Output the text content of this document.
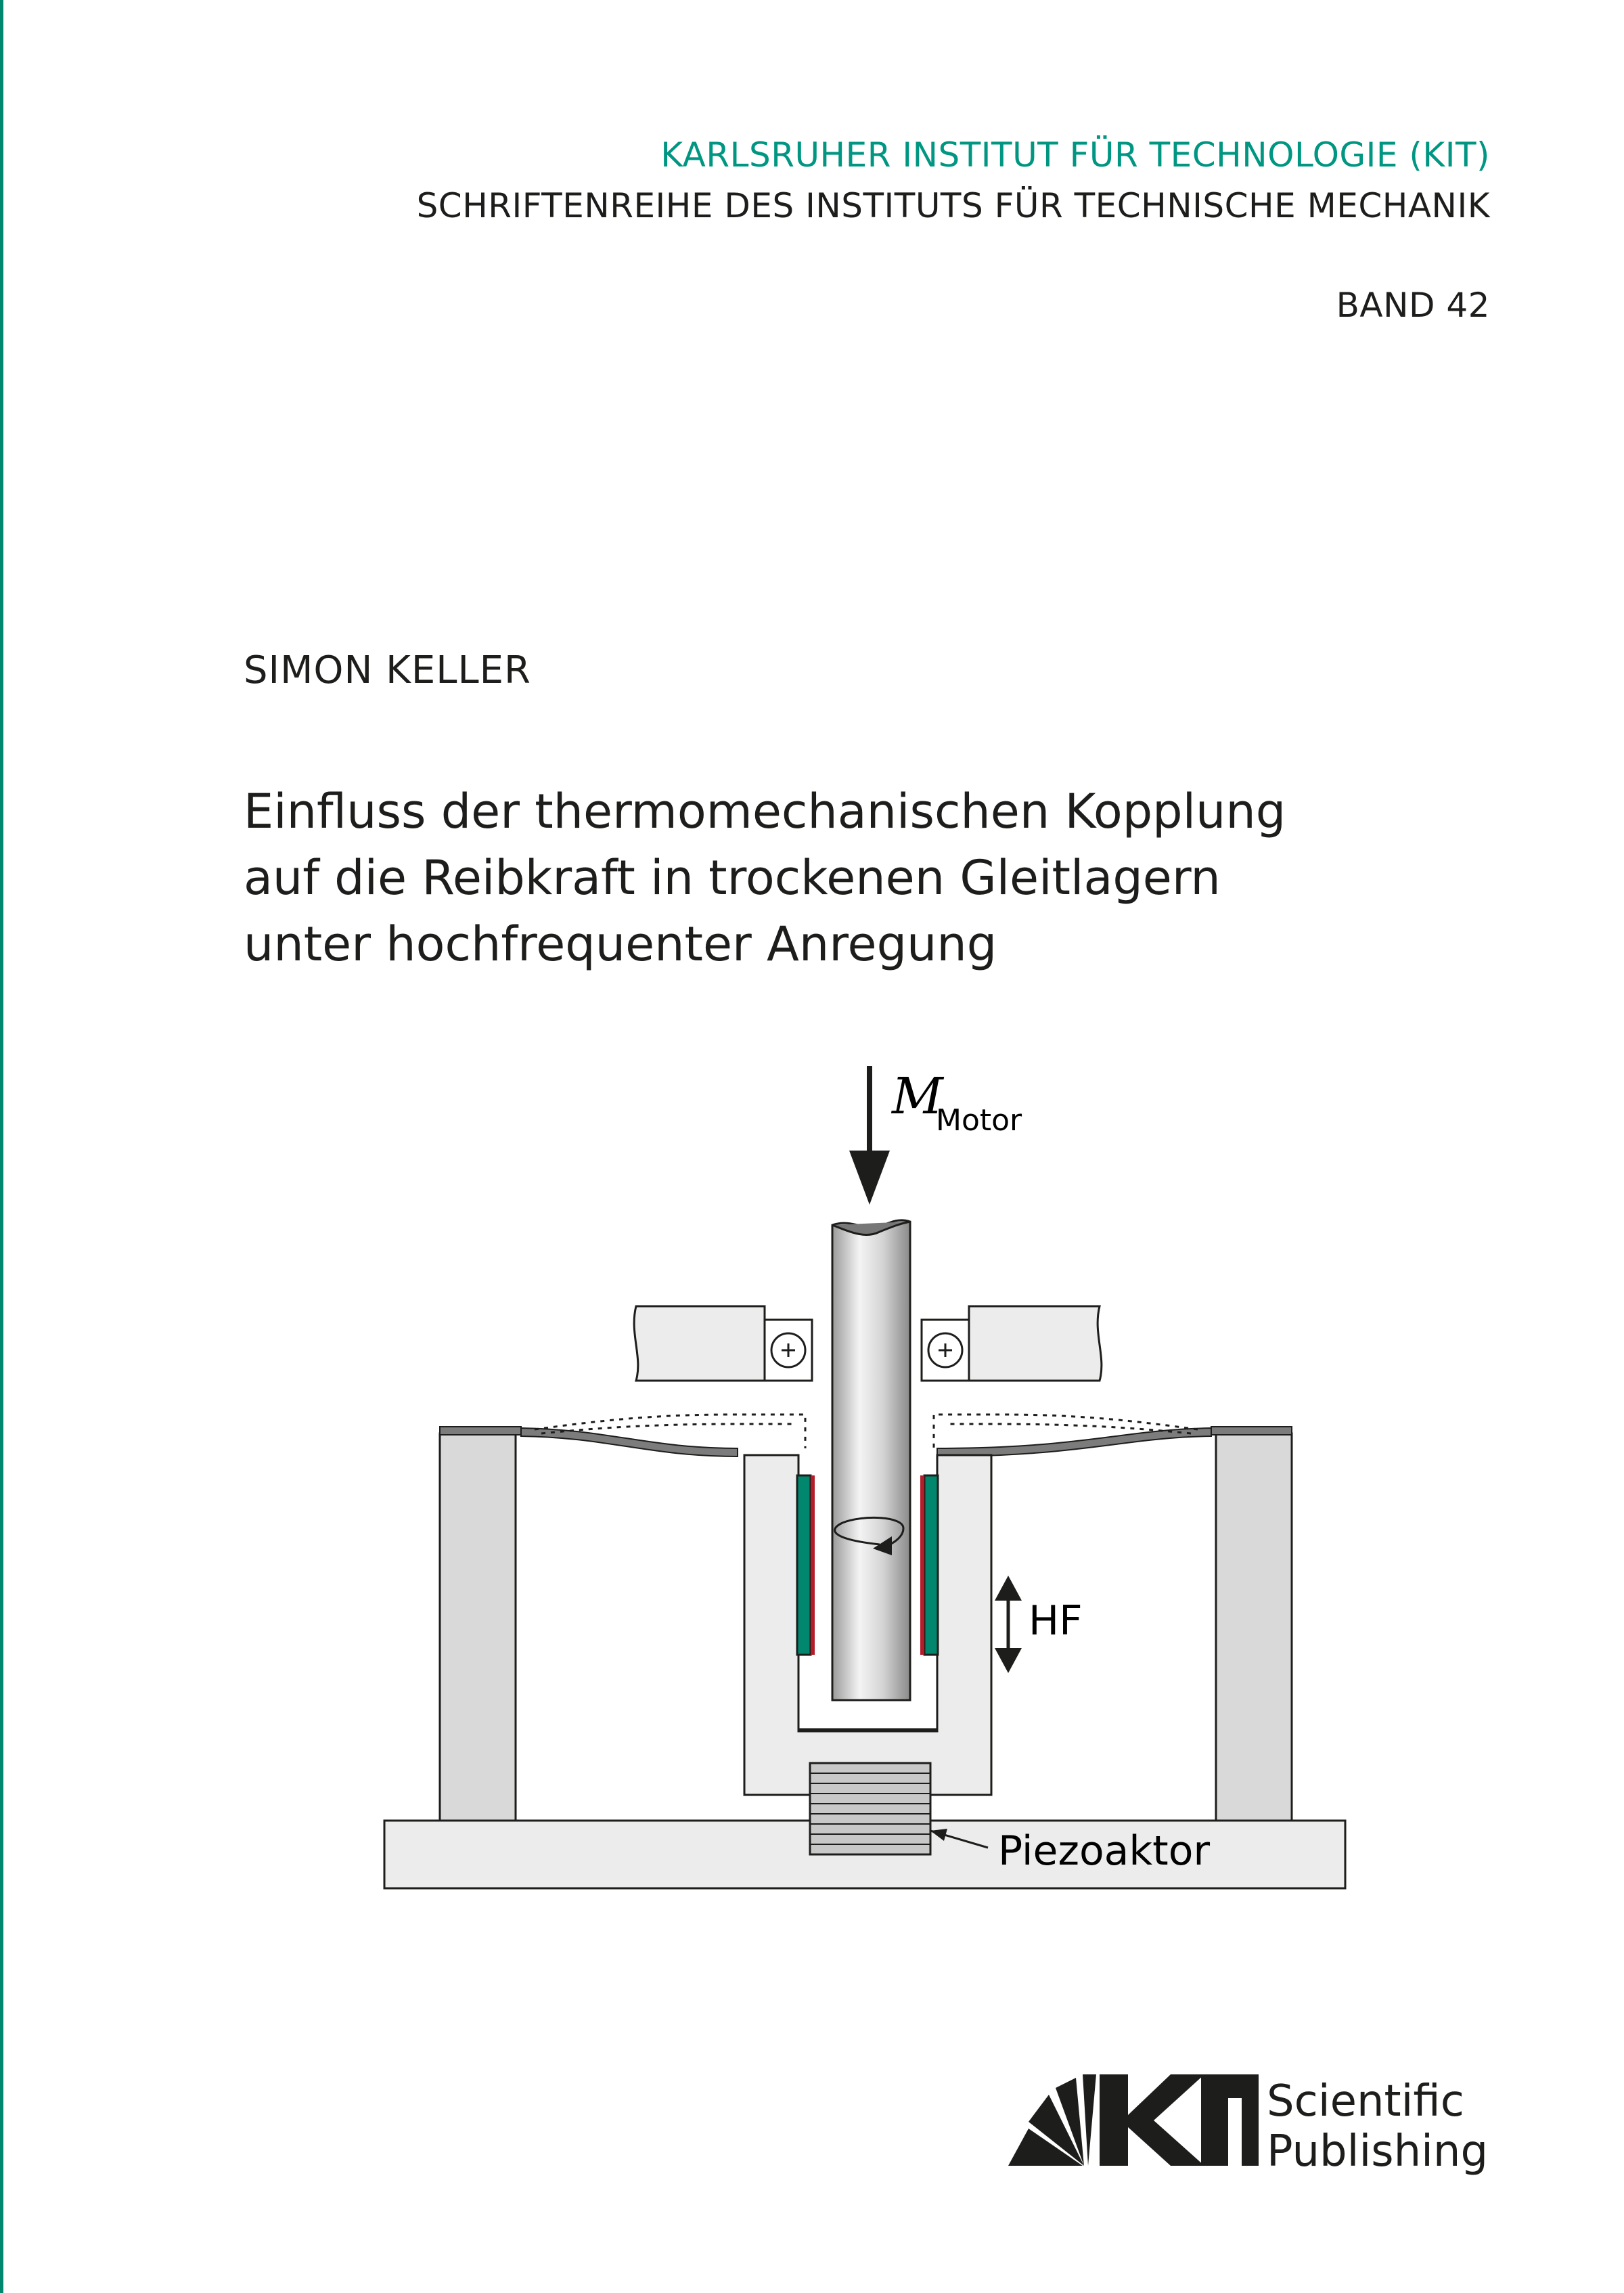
KARLSRUHER INSTITUT FÜR TECHNOLOGIE (KIT)
SCHRIFTENREIHE DES INSTITUTS FÜR TECHNISCHE MECHANIK
BAND 42
SIMON KELLER
Einfluss der thermomechanischen Kopplung
auf die Reibkraft in trockenen Gleitlagern
unter hochfrequenter Anregung
M
Motor
HF
Piezoaktor
Scientific
Publishing
